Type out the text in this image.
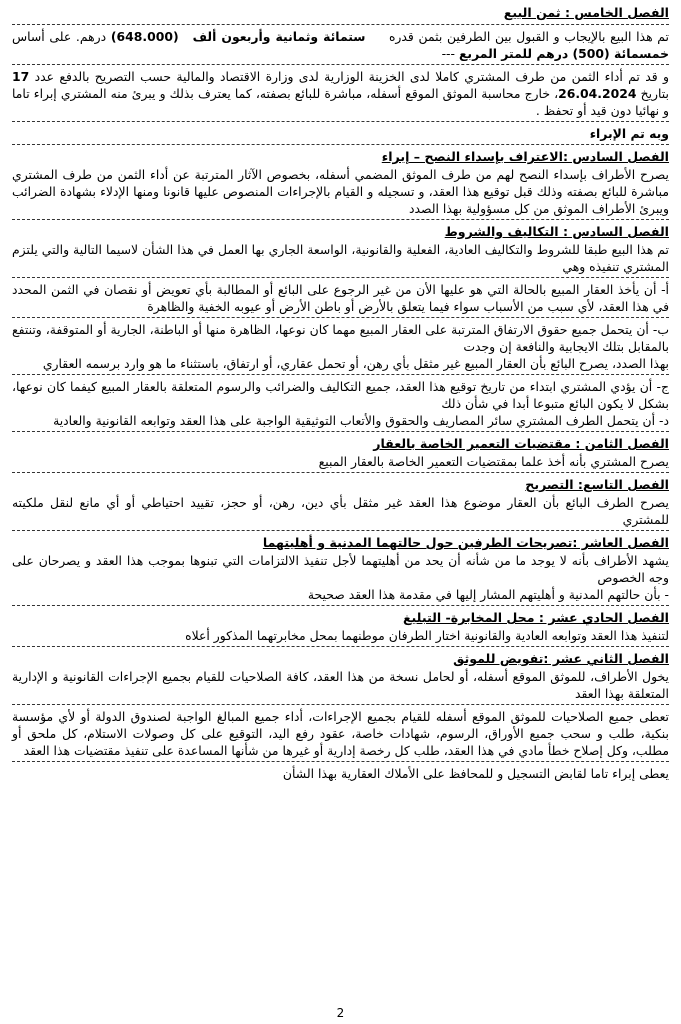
الفصل الخامس : ثمن البيع

تم هذا البيع بالإيجاب و القبول بين الطرفين بثمن قدره     ستمائة وثمانية وأربعون ألف   (648.000) درهم. على أساس خمسمائة (500) درهم للمتر المربع ---

و قد تم أداء الثمن من طرف المشتري كاملا لدى الخزينة الوزارية لدى وزارة الاقتصاد والمالية حسب التصريح بالدفع عدد 17 بتاريخ 26.04.2024، خارج محاسبة الموثق الموقع أسفله، مباشرة للبائع بصفته، كما يعترف بذلك و يبرئ منه المشتري إبراء تاما و نهائيا دون قيد أو تحفظ .

وبه تم الإبراء

الفصل السادس :الاعتراف بإسداء النصح – إبراء

يصرح الأطراف بإسداء النصح لهم من طرف الموثق المضمي أسفله، بخصوص الآثار المترتبة عن أداء الثمن من طرف المشتري مباشرة للبائع بصفته وذلك قبل توقيع هذا العقد، و تسجيله و القيام بالإجراءات المنصوص عليها قانونا ومنها الإدلاء بشهادة الضرائب ويبرئ الأطراف الموثق من كل مسؤولية بهذا الصدد

الفصل السادس : التكاليف والشروط

تم هذا البيع طبقا للشروط والتكاليف العادية، الفعلية والقانونية، الواسعة الجاري بها العمل في هذا الشأن لاسيما التالية والتي يلتزم المشتري تنفيذه وهي

أ- أن يأخذ العقار المبيع بالحالة التي هو عليها الأن من غير الرجوع على البائع أو المطالبة بأي تعويض أو نقصان في الثمن المحدد في هذا العقد، لأي سبب من الأسباب سواء فيما يتعلق بالأرض أو باطن الأرض أو عيوبه الخفية والظاهرة

ب- أن يتحمل جميع حقوق الارتفاق المترتبة على العقار المبيع مهما كان نوعها، الظاهرة منها أو الباطنة، الجارية أو المتوقفة، وتنتفع بالمقابل بتلك الايجابية والنافعة إن وجدت

بهذا الصدد، يصرح البائع بأن العقار المبيع غير مثقل بأي رهن، أو تحمل عقاري، أو ارتفاق، باستثناء ما هو وارد برسمه العقاري

ج- أن يؤدي المشتري ابتداء من تاريخ توقيع هذا العقد، جميع التكاليف والضرائب والرسوم المتعلقة بالعقار المبيع كيفما كان نوعها، بشكل لا يكون البائع متبوعا أبدا في شأن ذلك

د- أن يتحمل الطرف المشتري سائر المصاريف والحقوق والأتعاب التوثيقية الواجبة على هذا العقد وتوابعه القانونية والعادية

الفصل الثامن : مقتضيات التعمير الخاصة بالعقار

يصرح المشتري بأنه أخذ علما بمقتضيات التعمير الخاصة بالعقار المبيع

الفصل التاسع: التصريح

يصرح الطرف البائع بأن العقار موضوع هذا العقد غير مثقل بأي دين، رهن، أو حجز، تقييد احتياطي أو أي مانع لنقل ملكيته للمشتري

الفصل العاشر :تصريحات الطرفين حول حالتهما المدنية و أهليتهما

يشهد الأطراف بأنه لا يوجد ما من شأنه أن يحد من أهليتهما لأجل تنفيذ الالتزامات التي تبنوها بموجب هذا العقد و يصرحان على وجه الخصوص

- بأن حالتهم المدنية و أهليتهم المشار إليها في مقدمة هذا العقد صحيحة

الفصل الحادي عشر : محل المخابرة- التبليغ

لتنفيذ هذا العقد وتوابعه العادية والقانونية اختار الطرفان موطنهما بمحل مخابرتهما المذكور أعلاه

الفصل الثاني عشر :تفويض للموثق

يخول الأطراف، للموثق الموقع أسفله، أو لحامل نسخة من هذا العقد، كافة الصلاحيات للقيام بجميع الإجراءات القانونية و الإدارية المتعلقة بهذا العقد

تعطى جميع الصلاحيات للموثق الموقع أسفله للقيام بجميع الإجراءات، أداء جميع المبالغ الواجبة لصندوق الدولة أو لأي مؤسسة بنكية، طلب و سحب جميع الأوراق، الرسوم، شهادات خاصة، عقود رفع اليد، التوقيع على كل وصولات الاستلام، كل ملحق أو مطلب، وكل إصلاح خطأ مادي في هذا العقد، طلب كل رخصة إدارية أو غيرها من شأنها المساعدة على تنفيذ مقتضيات هذا العقد

يعطى إبراء تاما لقابض التسجيل و للمحافظ على الأملاك العقارية بهذا الشأن

2
